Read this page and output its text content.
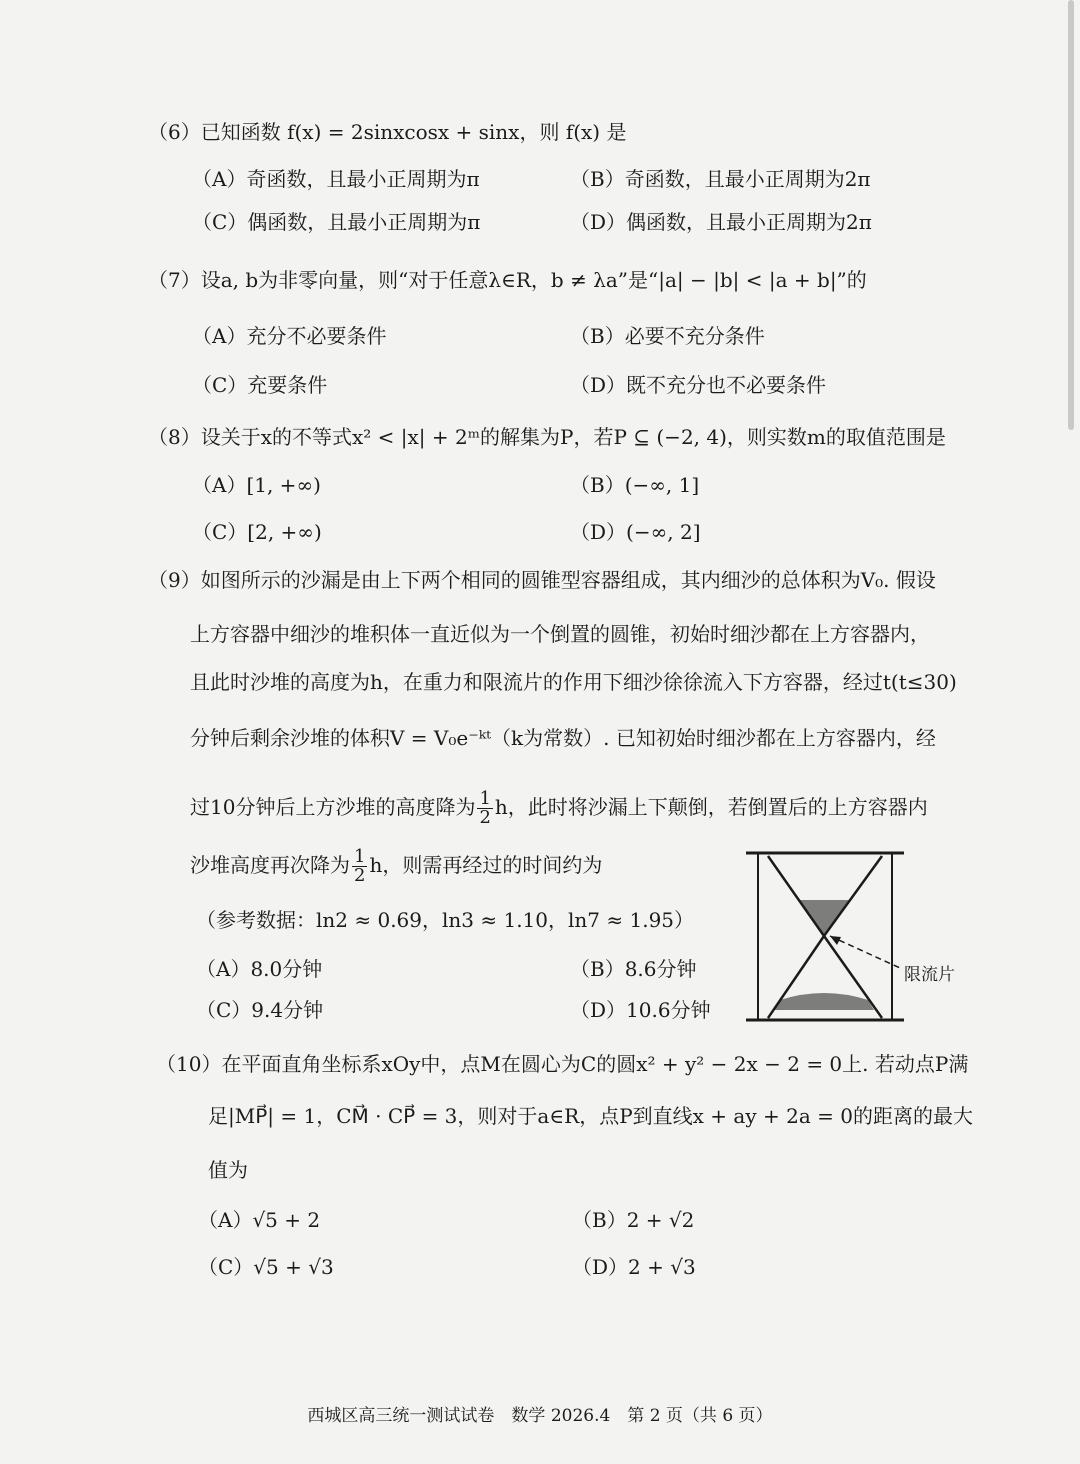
（6）已知函数 f(x) = 2sinxcosx + sinx，则 f(x) 是
（A）奇函数，且最小正周期为π	（B）奇函数，且最小正周期为2π
（C）偶函数，且最小正周期为π	（D）偶函数，且最小正周期为2π
（7）设a, b为非零向量，则“对于任意λ∈R，b ≠ λa”是“|a| − |b| < |a + b|”的
（A）充分不必要条件	（B）必要不充分条件
（C）充要条件	（D）既不充分也不必要条件
（8）设关于x的不等式x² < |x| + 2ᵐ的解集为P，若P ⊆ (−2, 4)，则实数m的取值范围是
（A）[1, +∞)	（B）(−∞, 1]
（C）[2, +∞)	（D）(−∞, 2]
（9）如图所示的沙漏是由上下两个相同的圆锥型容器组成，其内细沙的总体积为V₀. 假设
上方容器中细沙的堆积体一直近似为一个倒置的圆锥，初始时细沙都在上方容器内，
且此时沙堆的高度为h，在重力和限流片的作用下细沙徐徐流入下方容器，经过t(t≤30)
分钟后剩余沙堆的体积V = V₀e⁻ᵏᵗ（k为常数）. 已知初始时细沙都在上方容器内，经
过10分钟后上方沙堆的高度降为 $\frac{1}{2}$ h，此时将沙漏上下颠倒，若倒置后的上方容器内
沙堆高度再次降为 $\frac{1}{2}$ h，则需再经过的时间约为
（参考数据：ln2 ≈ 0.69，ln3 ≈ 1.10，ln7 ≈ 1.95）
（A）8.0分钟	（B）8.6分钟
（C）9.4分钟	（D）10.6分钟
限流片
（10）在平面直角坐标系xOy中，点M在圆心为C的圆x² + y² − 2x − 2 = 0上. 若动点P满
足|MP⃗| = 1，CM⃗ · CP⃗ = 3，则对于a∈R，点P到直线x + ay + 2a = 0的距离的最大
值为
（A）√5 + 2	（B）2 + √2
（C）√5 + √3	（D）2 + √3
西城区高三统一测试试卷　数学 2026.4　第 2 页（共 6 页）
